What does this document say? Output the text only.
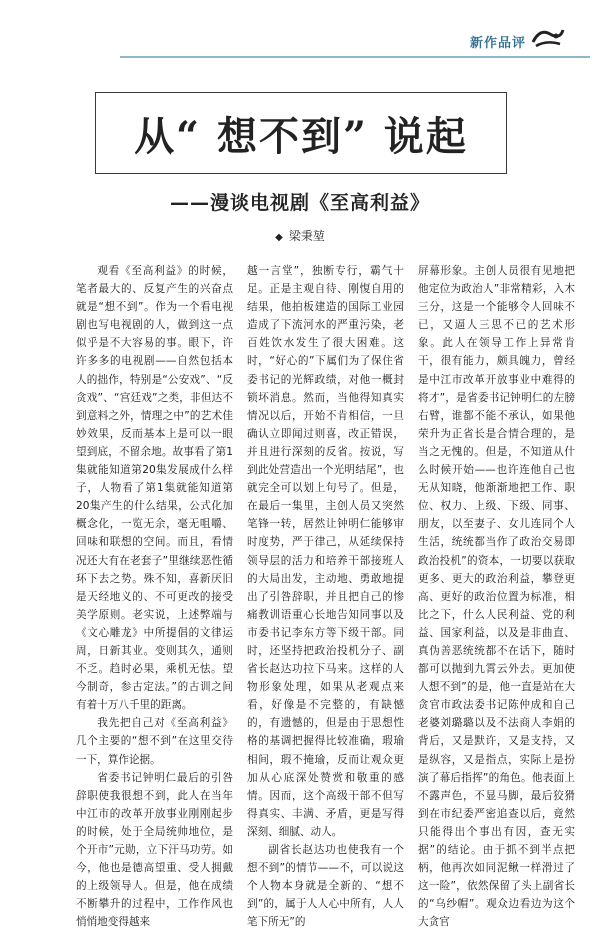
新作品评
从“ 想不到” 说起
——漫谈电视剧《至高利益》
◆ 梁秉堃

观看《至高利益》的时候，笔者最大的、反复产生的兴奋点就是“想不到”。作为一个看电视剧也写电视剧的人，做到这一点似乎是不大容易的事。眼下，许许多多的电视剧——自然包括本人的拙作，特别是“公安戏”、“反贪戏”、“宫廷戏”之类，非但达不到意料之外，情理之中”的艺术佳妙效果，反而基本上是可以一眼望到底，不留余地。故事看了第1集就能知道第20集发展成什么样子，人物看了第1集就能知道第20集产生的什么结果，公式化加概念化，一览无余，毫无咀嚼、回味和联想的空间。而且，看情况还大有在老套子”里继续恶性循环下去之势。殊不知，喜新厌旧是天经地义的、不可更改的接受美学原则。老实说，上述弊端与《文心雕龙》中所提倡的文律运周，日新其业。变则其久，通则不乏。趋时必果，乘机无怯。望今制奇，参古定法。”的古训之间有着十万八千里的距离。

我先把自己对《至高利益》几个主要的“想不到”在这里交待一下，算作论据。

省委书记钟明仁最后的引咎辞职使我很想不到，此人在当年中江市的改革开放事业刚刚起步的时候，处于全局统帅地位，是个开市”元勋，立下汗马功劳。如今，他也是德高望重、受人拥戴的上级领导人。但是，他在成绩不断攀升的过程中，工作作风也悄悄地变得越来

越一言堂”，独断专行，霸气十足。正是主观自待、刚愎自用的结果，他拍板建造的国际工业园造成了下流河水的严重污染，老百姓饮水发生了很大困难。这时，“好心的”下属们为了保住省委书记的光辉政绩，对他一概封锁坏消息。然而，当他得知真实情况以后，开始不肯相信，一旦确认立即闻过则喜，改正错误，并且进行深刻的反省。按说，写到此处营造出一个光明结尾”，也就完全可以划上句号了。但是，在最后一集里，主创人员又突然笔锋一转，居然让钟明仁能够审时度势，严于律己，从延续保持领导层的活力和培养干部接班人的大局出发，主动地、勇敢地提出了引咎辞职，并且把自己的惨痛教训语重心长地告知同事以及市委书记李东方等下级干部。同时，还坚持把政治投机分子、副省长赵达功拉下马来。这样的人物形象处理，如果从老观点来看，好像是不完整的，有缺憾的，有遗憾的，但是由于思想性格的基调把握得比较准确，瑕瑜相间，瑕不掩瑜，反而让观众更加从心底深处赞赏和敬重的感情。因而，这个高级干部不但写得真实、丰满、矛盾，更是写得深刻、细腻、动人。

副省长赵达功也使我有一个想不到”的情节——不，可以说这个人物本身就是全新的、“想不到”的，属于人人心中所有，人人笔下所无”的

屏幕形象。主创人员很有见地把他定位为政治人”非常精彩，入木三分，这是一个能够令人回味不已，又逼人三思不已的艺术形象。此人在领导工作上异常肯干，很有能力，颇具魄力，曾经是中江市改革开放事业中难得的将才”，是省委书记钟明仁的左膀右臂，谁都不能不承认，如果他荣升为正省长是合情合理的，是当之无愧的。但是，不知道从什么时候开始——也许连他自己也无从知晓，他渐渐地把工作、职位、权力、上级、下级、同事、朋友，以至妻子、女儿连同个人生活，统统都当作了政治交易即政治投机”的资本，一切要以获取更多、更大的政治利益，攀登更高、更好的政治位置为标准，相比之下，什么人民利益、党的利益、国家利益，以及是非曲直、真伪善恶统统都不在话下，随时都可以抛到九霄云外去。更加使人想不到”的是，他一直是站在大贪官市政法委书记陈仲成和自己老婆刘璐璐以及不法商人李娟的背后，又是默许，又是支持，又是纵容，又是指点，实际上是扮演了幕后指挥”的角色。他表面上不露声色，不显马脚，最后狡猾到在市纪委严密追查以后，竟然只能得出个事出有因，查无实据”的结论。由于抓不到半点把柄，他再次如同泥鳅一样滑过了这一险”，依然保留了头上副省长的“乌纱帽”。观众边看边为这个大贪官
